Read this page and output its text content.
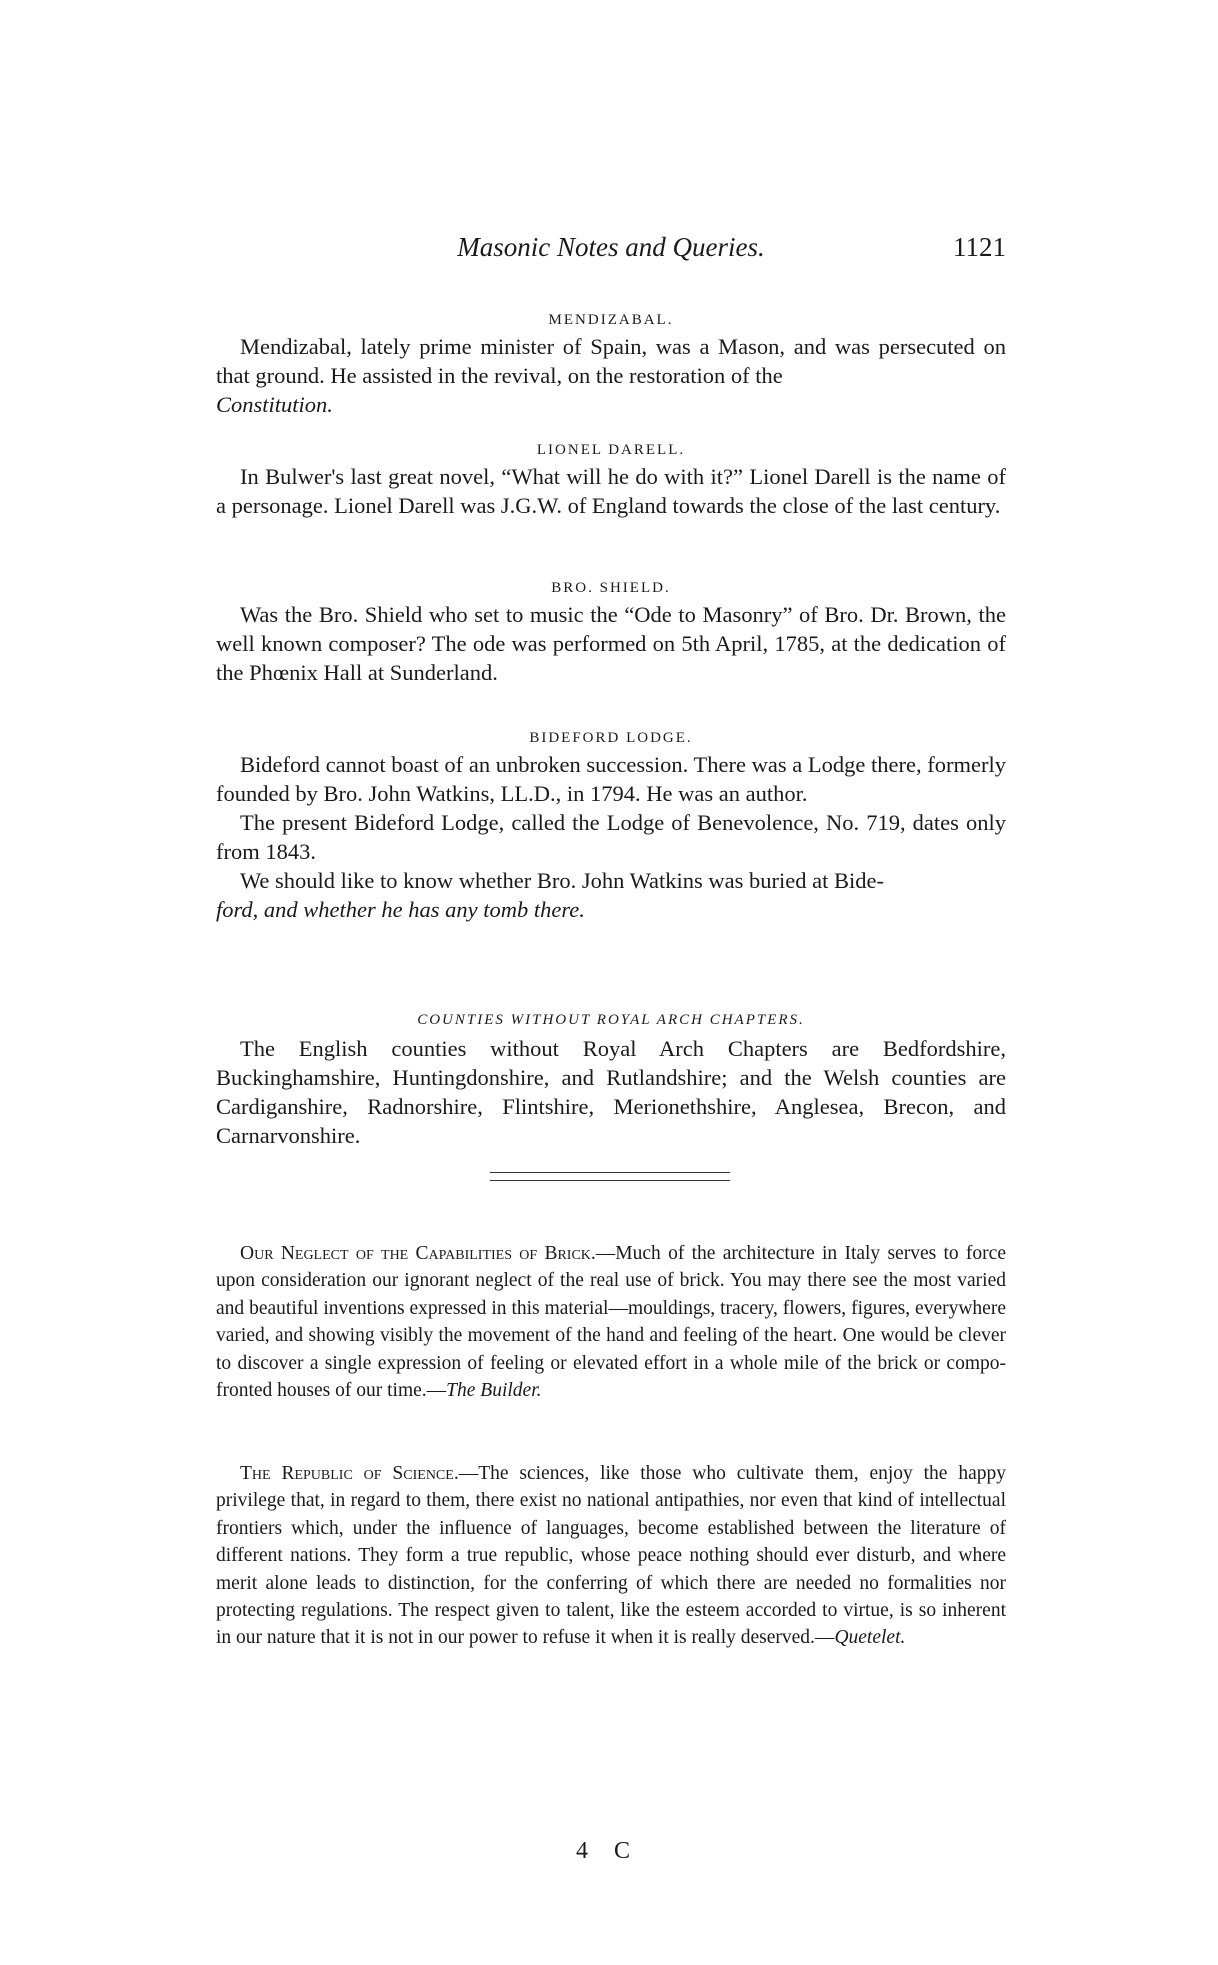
Masonic Notes and Queries.	1121
MENDIZABAL.

Mendizabal, lately prime minister of Spain, was a Mason, and was persecuted on that ground. He assisted in the revival, on the restoration of the

Constitution.

LIONEL DARELL.

In Bulwer's last great novel, “What will he do with it?” Lionel Darell is the name of a personage. Lionel Darell was J.G.W. of England towards the close of the last century.

BRO. SHIELD.

Was the Bro. Shield who set to music the “Ode to Masonry” of Bro. Dr. Brown, the well known composer? The ode was performed on 5th April, 1785, at the dedication of the Phœnix Hall at Sunderland.

BIDEFORD LODGE.

Bideford cannot boast of an unbroken succession. There was a Lodge there, formerly founded by Bro. John Watkins, LL.D., in 1794. He was an author.

The present Bideford Lodge, called the Lodge of Benevolence, No. 719, dates only from 1843.

We should like to know whether Bro. John Watkins was buried at Bide-

ford, and whether he has any tomb there.

COUNTIES WITHOUT ROYAL ARCH CHAPTERS.

The English counties without Royal Arch Chapters are Bedfordshire, Buckinghamshire, Huntingdonshire, and Rutlandshire; and the Welsh counties are Cardiganshire, Radnorshire, Flintshire, Merionethshire, Anglesea, Brecon, and Carnarvonshire.

Our Neglect of the Capabilities of Brick.—Much of the architecture in Italy serves to force upon consideration our ignorant neglect of the real use of brick. You may there see the most varied and beautiful inventions expressed in this material—mouldings, tracery, flowers, figures, everywhere varied, and showing visibly the movement of the hand and feeling of the heart. One would be clever to discover a single expression of feeling or elevated effort in a whole mile of the brick or compo-fronted houses of our time.—The Builder.

The Republic of Science.—The sciences, like those who cultivate them, enjoy the happy privilege that, in regard to them, there exist no national antipathies, nor even that kind of intellectual frontiers which, under the influence of languages, become established between the literature of different nations. They form a true republic, whose peace nothing should ever disturb, and where merit alone leads to distinction, for the conferring of which there are needed no formalities nor protecting regulations. The respect given to talent, like the esteem accorded to virtue, is so inherent in our nature that it is not in our power to refuse it when it is really deserved.—Quetelet.

4 C
